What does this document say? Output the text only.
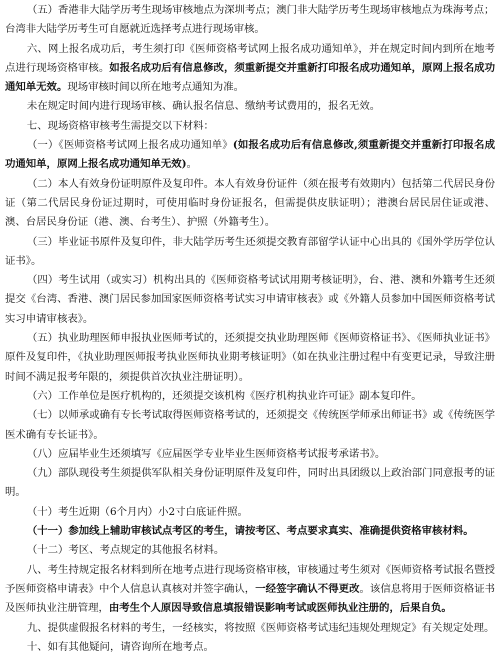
（五）香港非大陆学历考生现场审核地点为深圳考点；澳门非大陆学历考生现场审核地点为珠海考点；

台湾非大陆学历考生可自愿就近选择考点进行现场审核。

六、网上报名成功后，考生须打印《医师资格考试网上报名成功通知单》，并在规定时间内到所在地考点进行现场资格审核。如报名成功后有信息修改，须重新提交并重新打印报名成功通知单，原网上报名成功通知单无效。现场审核时间以所在地考点通知为准。

未在规定时间内进行现场审核、确认报名信息、缴纳考试费用的，报名无效。

七、现场资格审核考生需提交以下材料：

（一）《医师资格考试网上报名成功通知单》(如报名成功后有信息修改,须重新提交并重新打印报名成功通知单，原网上报名成功通知单无效)。

（二）本人有效身份证明原件及复印件。本人有效身份证件（须在报考有效期内）包括第二代居民身份证（第二代居民身份证过期时，可使用临时身份证报名，但需提供皮肤证明）；港澳台居民居住证或港、澳、台居民身份证（港、澳、台考生）、护照（外籍考生）。

（三）毕业证书原件及复印件，非大陆学历考生还须提交教育部留学认证中心出具的《国外学历学位认证书》。

（四）考生试用（或实习）机构出具的《医师资格考试试用期考核证明》，台、港、澳和外籍考生还须提交《台湾、香港、澳门居民参加国家医师资格考试实习申请审核表》或《外籍人员参加中国医师资格考试实习申请审核表》。

（五）执业助理医师申报执业医师考试的，还须提交执业助理医师《医师资格证书》、《医师执业证书》原件及复印件，《执业助理医师报考执业医师执业期考核证明》（如在执业注册过程中有变更记录，导致注册时间不满足报考年限的，须提供首次执业注册证明）。

（六）工作单位是医疗机构的，还须提交该机构《医疗机构执业许可证》副本复印件。

（七）以师承或确有专长考试取得医师资格考试的，还须提交《传统医学师承出师证书》或《传统医学医术确有专长证书》。

（八）应届毕业生还须填写《应届医学专业毕业生医师资格考试报考承诺书》。

（九）部队现役考生须提供军队相关身份证明原件及复印件，同时出具团级以上政治部门同意报考的证明。

（十）考生近期（6个月内）小2寸白底证件照。

（十一）参加线上辅助审核试点考区的考生，请按考区、考点要求真实、准确提供资格审核材料。

（十二）考区、考点规定的其他报名材料。

八、考生持规定报名材料到所在地考点进行现场资格审核，审核通过考生须对《医师资格考试报名暨授予医师资格申请表》中个人信息认真核对并签字确认，一经签字确认不得更改。该信息将用于医师资格证书及医师执业注册管理，由考生个人原因导致信息填报错误影响考试或医师执业注册的，后果自负。

九、提供虚假报名材料的考生，一经核实，将按照《医师资格考试违纪违规处理规定》有关规定处理。

十、如有其他疑问，请咨询所在地考点。
